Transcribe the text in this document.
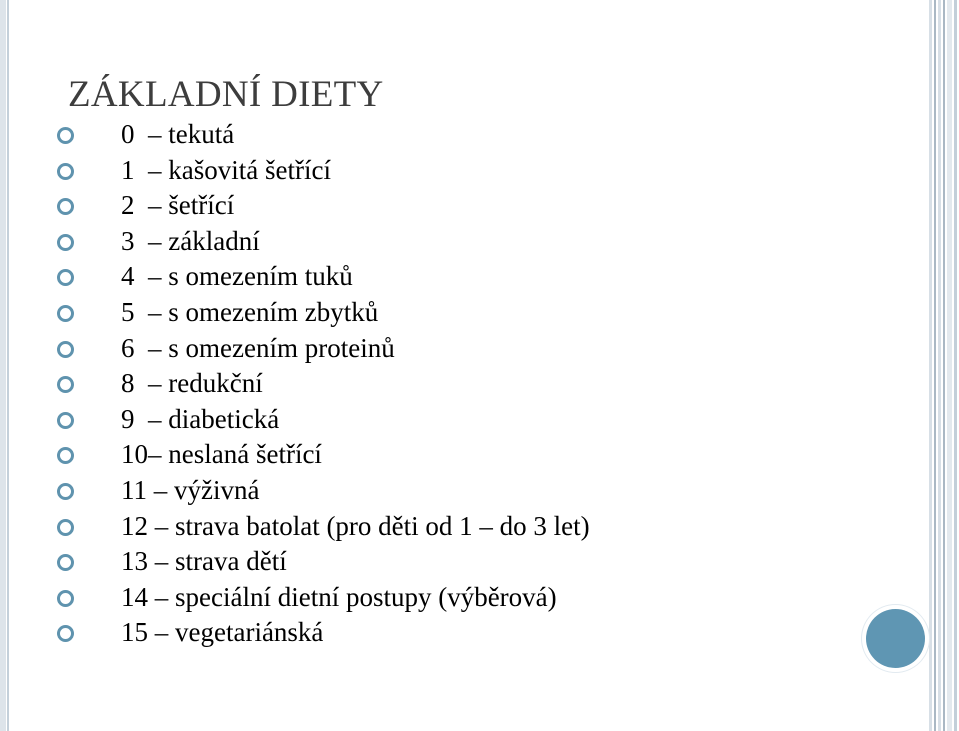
ZÁKLADNÍ DIETY
0  – tekutá
1  – kašovitá šetřící
2  – šetřící
3  – základní
4  – s omezením tuků
5  – s omezením zbytků
6  – s omezením proteinů
8  – redukční
9  – diabetická
10– neslaná šetřící
11 – výživná
12 – strava batolat (pro děti od 1 – do 3 let)
13 – strava dětí
14 – speciální dietní postupy (výběrová)
15 – vegetariánská
